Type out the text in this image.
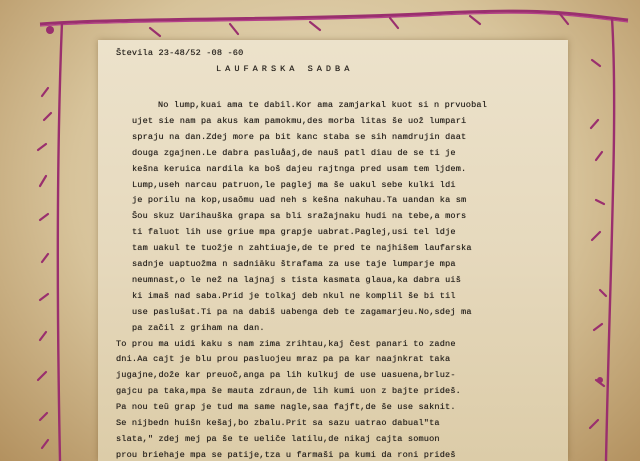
Števila 23-48/52 -08 -60
LAUFARSKA SADBA
No lump,kuai ama te dabil.Kor ama zamjarkal kuot si n prvuobal
ujet sie nam pa akus kam pamokmu,des morba litas še uož lumpari
spraju na dan.Zdej more pa bit kanc staba se sih namdrujin daat
douga zgajnen.Le dabra pasluåaj,de nauš patl diau de se ti je
kešna keruica nardila ka boš dajeu rajtnga pred usam tem ljdem.
Lump,useh narcau patruon,le paglej ma še uakul sebe kulki ldi
je porilu na kop,usaŏmu uad neh s kešna nakuhau.Ta uandan ka sm
Šou skuz Uarihauška grapa sa bli sražajnaku hudi na tebe,a mors
ti faluot lih use griue mpa grapje uabrat.Paglej,usi tel ldje
tam uakul te tuožje n zahtiuaje,de te pred te najhišem laufarska
sadnje uaptuožma n sadniāku štrafama za use taje lumparje mpa
neumnast,o le než na lajnaj s tista kasmata glaua,ka dabra uiš
ki imaš nad saba.Prid je tolkaj deb nkul ne komplil še bi til
use paslušat.Ti pa na dabiš uabenga deb te zagamarjeu.No,sdej ma
pa začil z griham na dan.
To prou ma uidi kaku s nam zima zrihtau,kaj čest panari to zadne
dni.Aa cajt je blu prou pasluojeu mraz pa pa kar naajnkrat taka
jugajne,dože kar preuoč,anga pa lih kulkuj de use uasuena,brluz-
gajcu pa taka,mpa še mauta zdraun,de lih kumi uon z bajte prideš.
Pa nou teŭ grap je tud ma same nagle,saa fajft,de še use saknit.
Se nijbedn huišn kešaj,bo zbalu.Prit sa sazu uatrao dabual"ta
slata," zdej mej pa še te ueliče latilu,de nikaj cajta somuon
prou briehaje mpa se patije,tza u farmaši pa kumi da roni prideš
